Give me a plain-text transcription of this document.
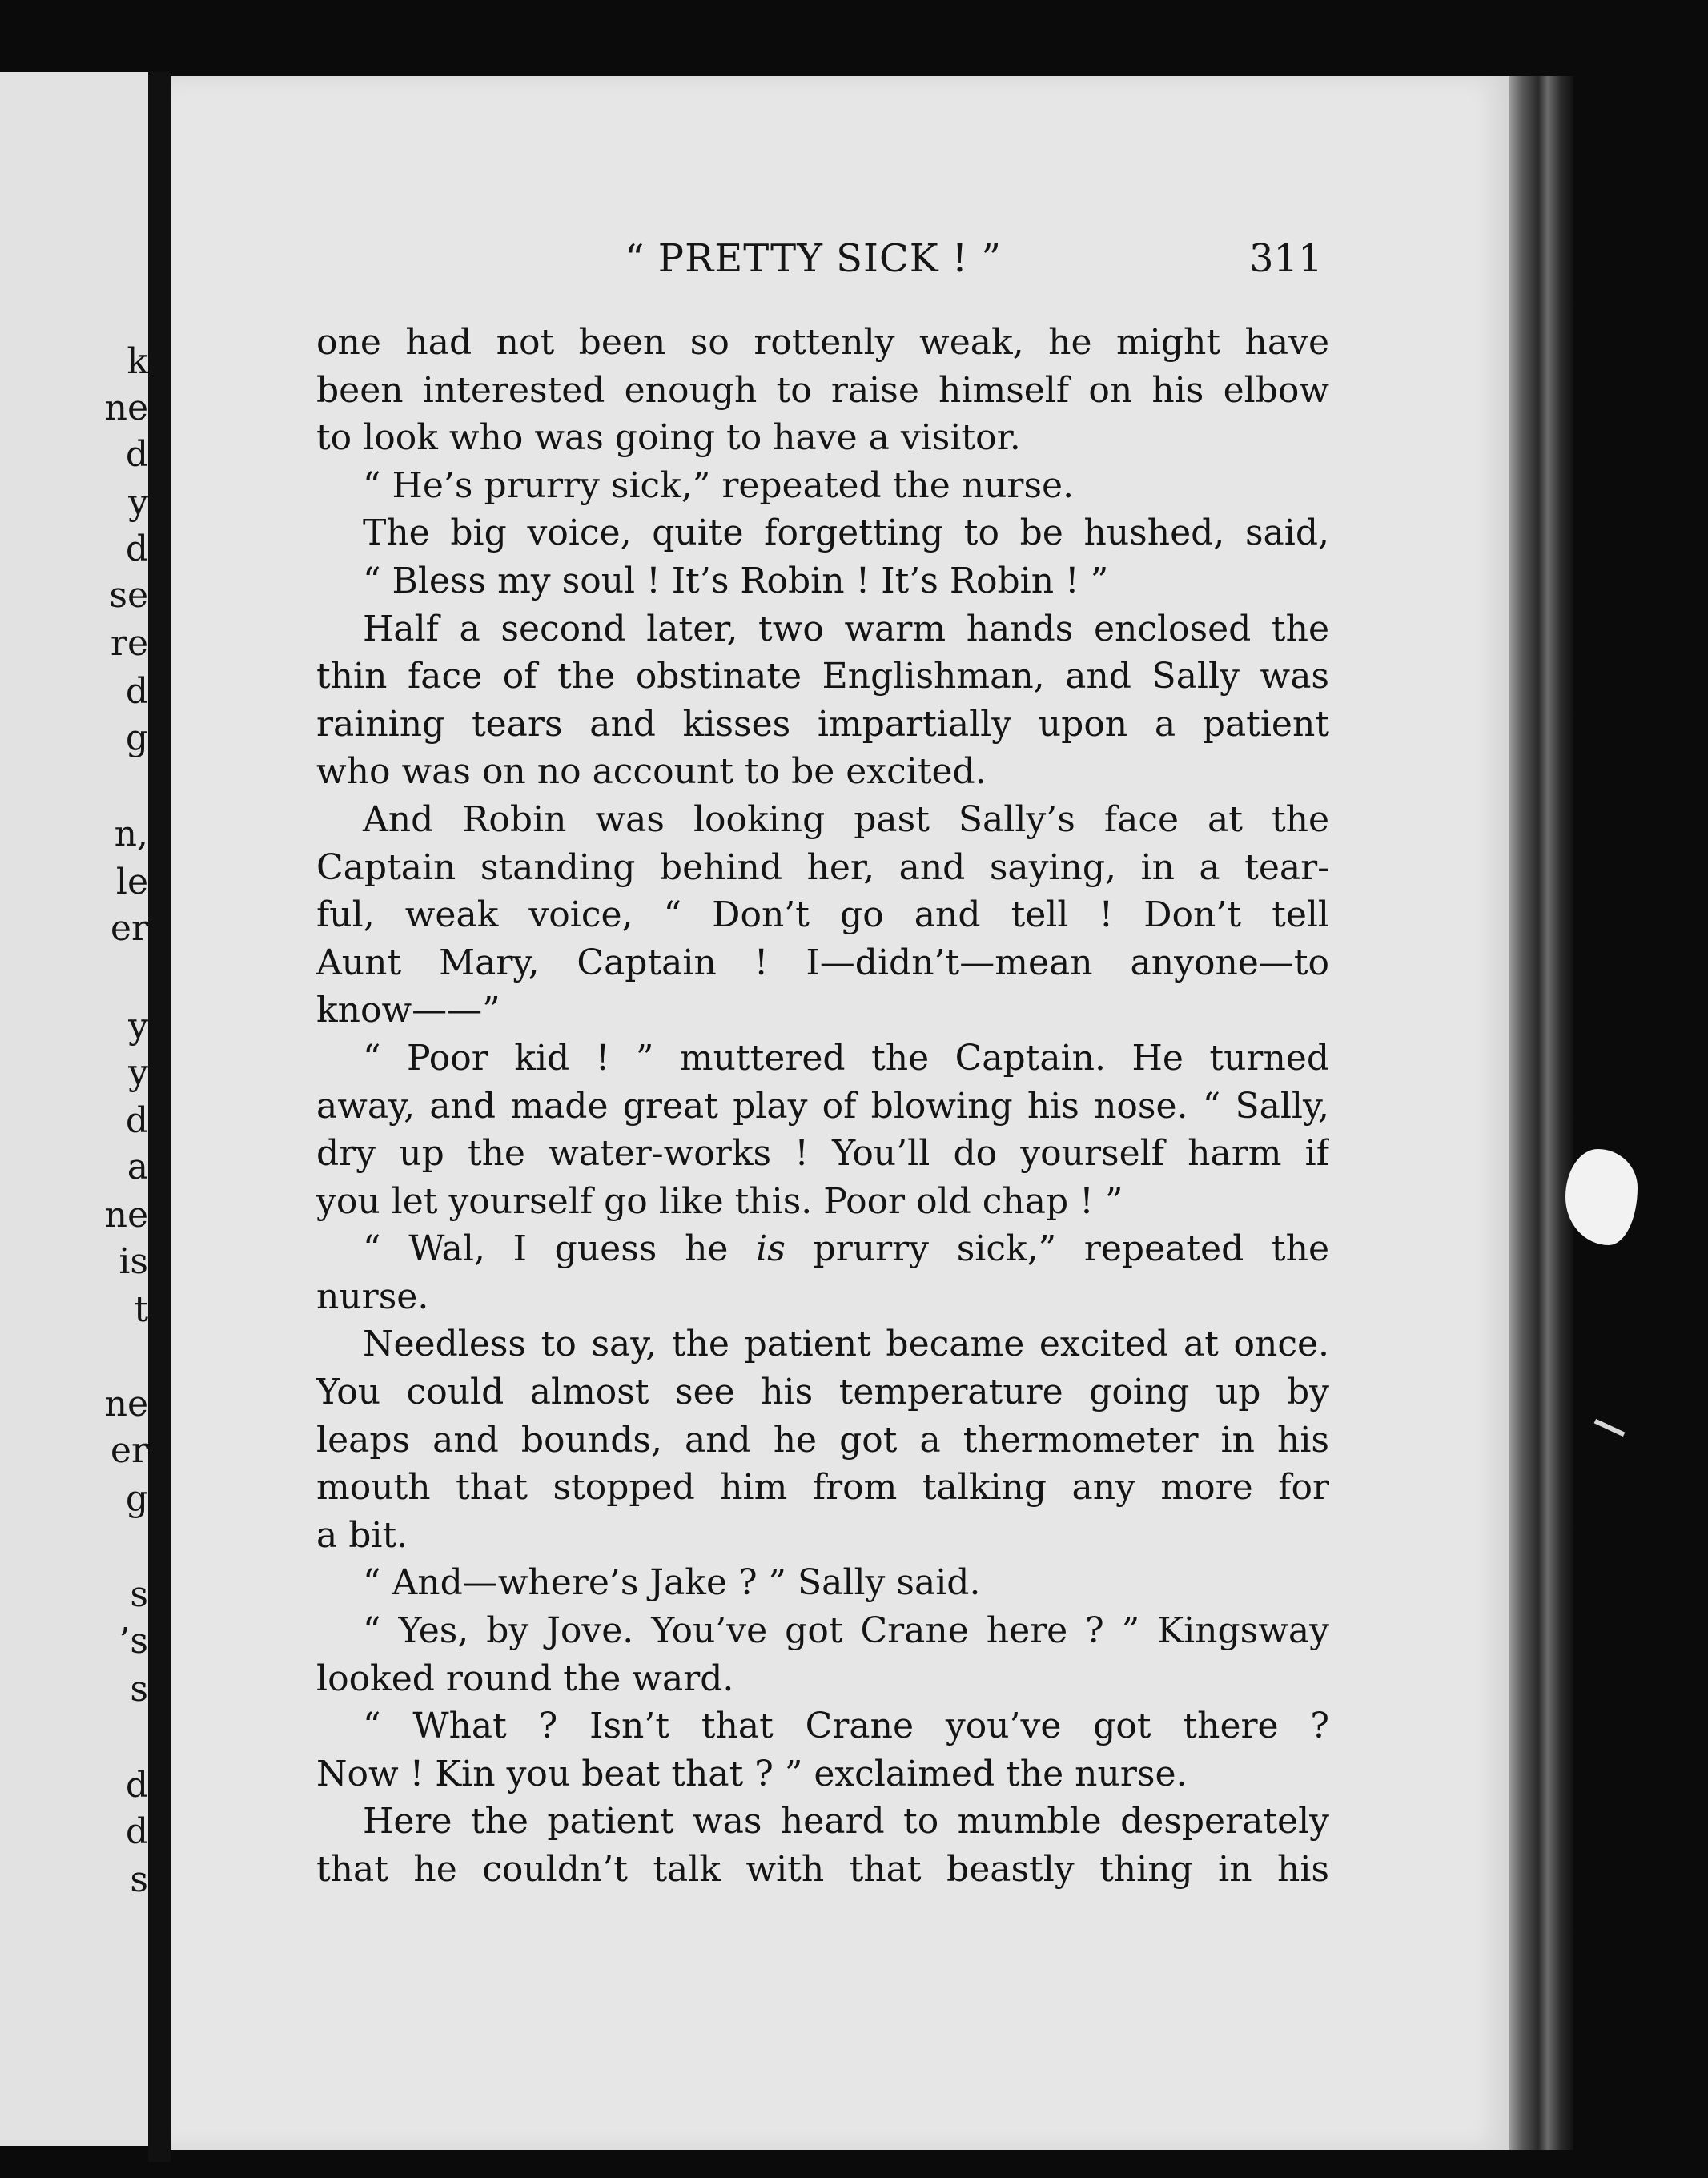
k
ne
d
y
d
se
re
d
g
n,
le
er
y
y
d
a
ne
is
t
ne
er
g
s
’s
s
d
d
s
“ PRETTY SICK ! ”	311
one had not been so rottenly weak, he might have
been interested enough to raise himself on his elbow
to look who was going to have a visitor.
“ He’s prurry sick,” repeated the nurse.
The big voice, quite forgetting to be hushed, said,
“ Bless my soul ! It’s Robin ! It’s Robin ! ”
Half a second later, two warm hands enclosed the
thin face of the obstinate Englishman, and Sally was
raining tears and kisses impartially upon a patient
who was on no account to be excited.
And Robin was looking past Sally’s face at the
Captain standing behind her, and saying, in a tear-
ful, weak voice, “ Don’t go and tell ! Don’t tell
Aunt Mary, Captain ! I—didn’t—mean anyone—to
know——”
“ Poor kid ! ” muttered the Captain. He turned
away, and made great play of blowing his nose. “ Sally,
dry up the water-works ! You’ll do yourself harm if
you let yourself go like this. Poor old chap ! ”
“ Wal, I guess he is prurry sick,” repeated the
nurse.
Needless to say, the patient became excited at once.
You could almost see his temperature going up by
leaps and bounds, and he got a thermometer in his
mouth that stopped him from talking any more for
a bit.
“ And—where’s Jake ? ” Sally said.
“ Yes, by Jove. You’ve got Crane here ? ” Kingsway
looked round the ward.
“ What ? Isn’t that Crane you’ve got there ?
Now ! Kin you beat that ? ” exclaimed the nurse.
Here the patient was heard to mumble desperately
that he couldn’t talk with that beastly thing in his
